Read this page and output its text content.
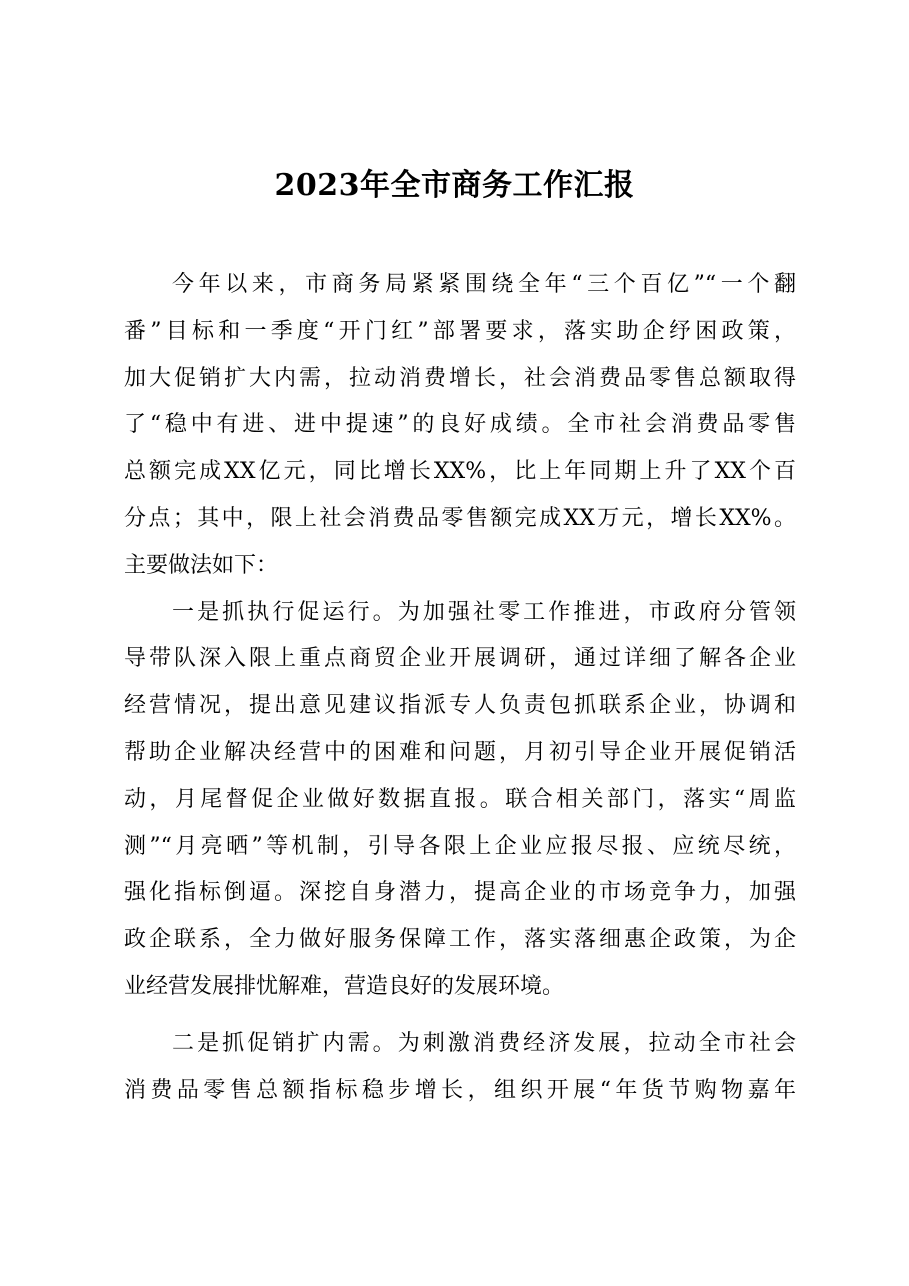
2023年全市商务工作汇报
今年以来，市商务局紧紧围绕全年“三个百亿”“一个翻
番”目标和一季度“开门红”部署要求，落实助企纾困政策，
加大促销扩大内需，拉动消费增长，社会消费品零售总额取得
了“稳中有进、进中提速”的良好成绩。全市社会消费品零售
总额完成XX亿元，同比增长XX%，比上年同期上升了XX个百
分点；其中，限上社会消费品零售额完成XX万元，增长XX%。
主要做法如下：
一是抓执行促运行。为加强社零工作推进，市政府分管领
导带队深入限上重点商贸企业开展调研，通过详细了解各企业
经营情况，提出意见建议指派专人负责包抓联系企业，协调和
帮助企业解决经营中的困难和问题，月初引导企业开展促销活
动，月尾督促企业做好数据直报。联合相关部门，落实“周监
测”“月亮晒”等机制，引导各限上企业应报尽报、应统尽统，
强化指标倒逼。深挖自身潜力，提高企业的市场竞争力，加强
政企联系，全力做好服务保障工作，落实落细惠企政策，为企
业经营发展排忧解难，营造良好的发展环境。
二是抓促销扩内需。为刺激消费经济发展，拉动全市社会
消费品零售总额指标稳步增长，组织开展“年货节购物嘉年
